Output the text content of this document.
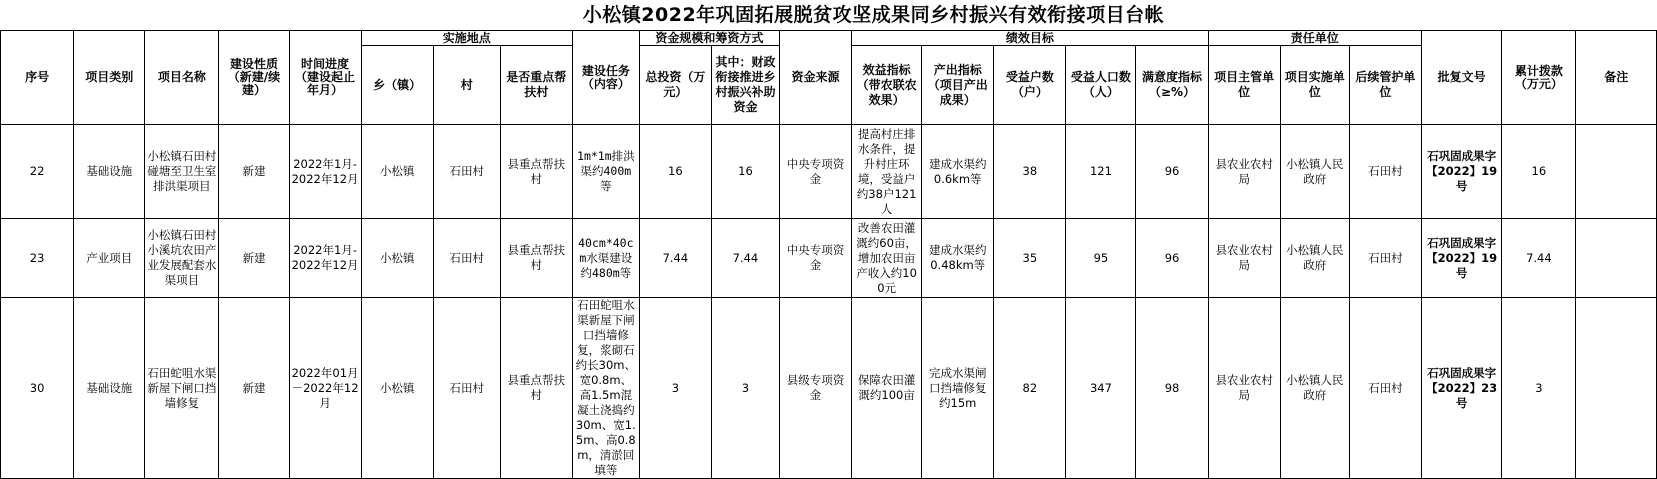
小松镇2022年巩固拓展脱贫攻坚成果同乡村振兴有效衔接项目台帐
序号	项目类别	项目名称	建设性质（新建/续建）	时间进度（建设起止年月）	实施地点			建设任务（内容）	资金规模和筹资方式		资金来源	绩效目标					责任单位			批复文号	累计拨款（万元）	备注
					乡（镇）	村	是否重点帮扶村		总投资（万元）	其中：财政衔接推进乡村振兴补助资金		效益指标（带农联农效果）	产出指标（项目产出成果）	受益户数（户）	受益人口数（人）	满意度指标（≥%）	项目主管单位	项目实施单位	后续管护单位			
22	基础设施	小松镇石田村碰塘至卫生室排洪渠项目	新建	2022年1月-2022年12月	小松镇	石田村	县重点帮扶村	1m*1m排洪渠约400m等	16	16	中央专项资金	提高村庄排水条件，提升村庄环境，受益户约38户121人	建成水渠约0.6km等	38	121	96	县农业农村局	小松镇人民政府	石田村	石巩固成果字【2022】19号	16	
23	产业项目	小松镇石田村小溪坑农田产业发展配套水渠项目	新建	2022年1月-2022年12月	小松镇	石田村	县重点帮扶村	40cm*40cm水渠建设约480m等	7.44	7.44	中央专项资金	改善农田灌溉约60亩，增加农田亩产收入约100元	建成水渠约0.48km等	35	95	96	县农业农村局	小松镇人民政府	石田村	石巩固成果字【2022】19号	7.44	
30	基础设施	石田蛇咀水渠新屋下闸口挡墙修复	新建	2022年01月－2022年12月	小松镇	石田村	县重点帮扶村	石田蛇咀水渠新屋下闸口挡墙修复，浆砌石约长30m、宽0.8m、高1.5m混凝土浇捣约30m、宽1.5m、高0.8m，清淤回填等	3	3	县级专项资金	保障农田灌溉约100亩	完成水渠闸口挡墙修复约15m	82	347	98	县农业农村局	小松镇人民政府	石田村	石巩固成果字【2022】23号	3	
